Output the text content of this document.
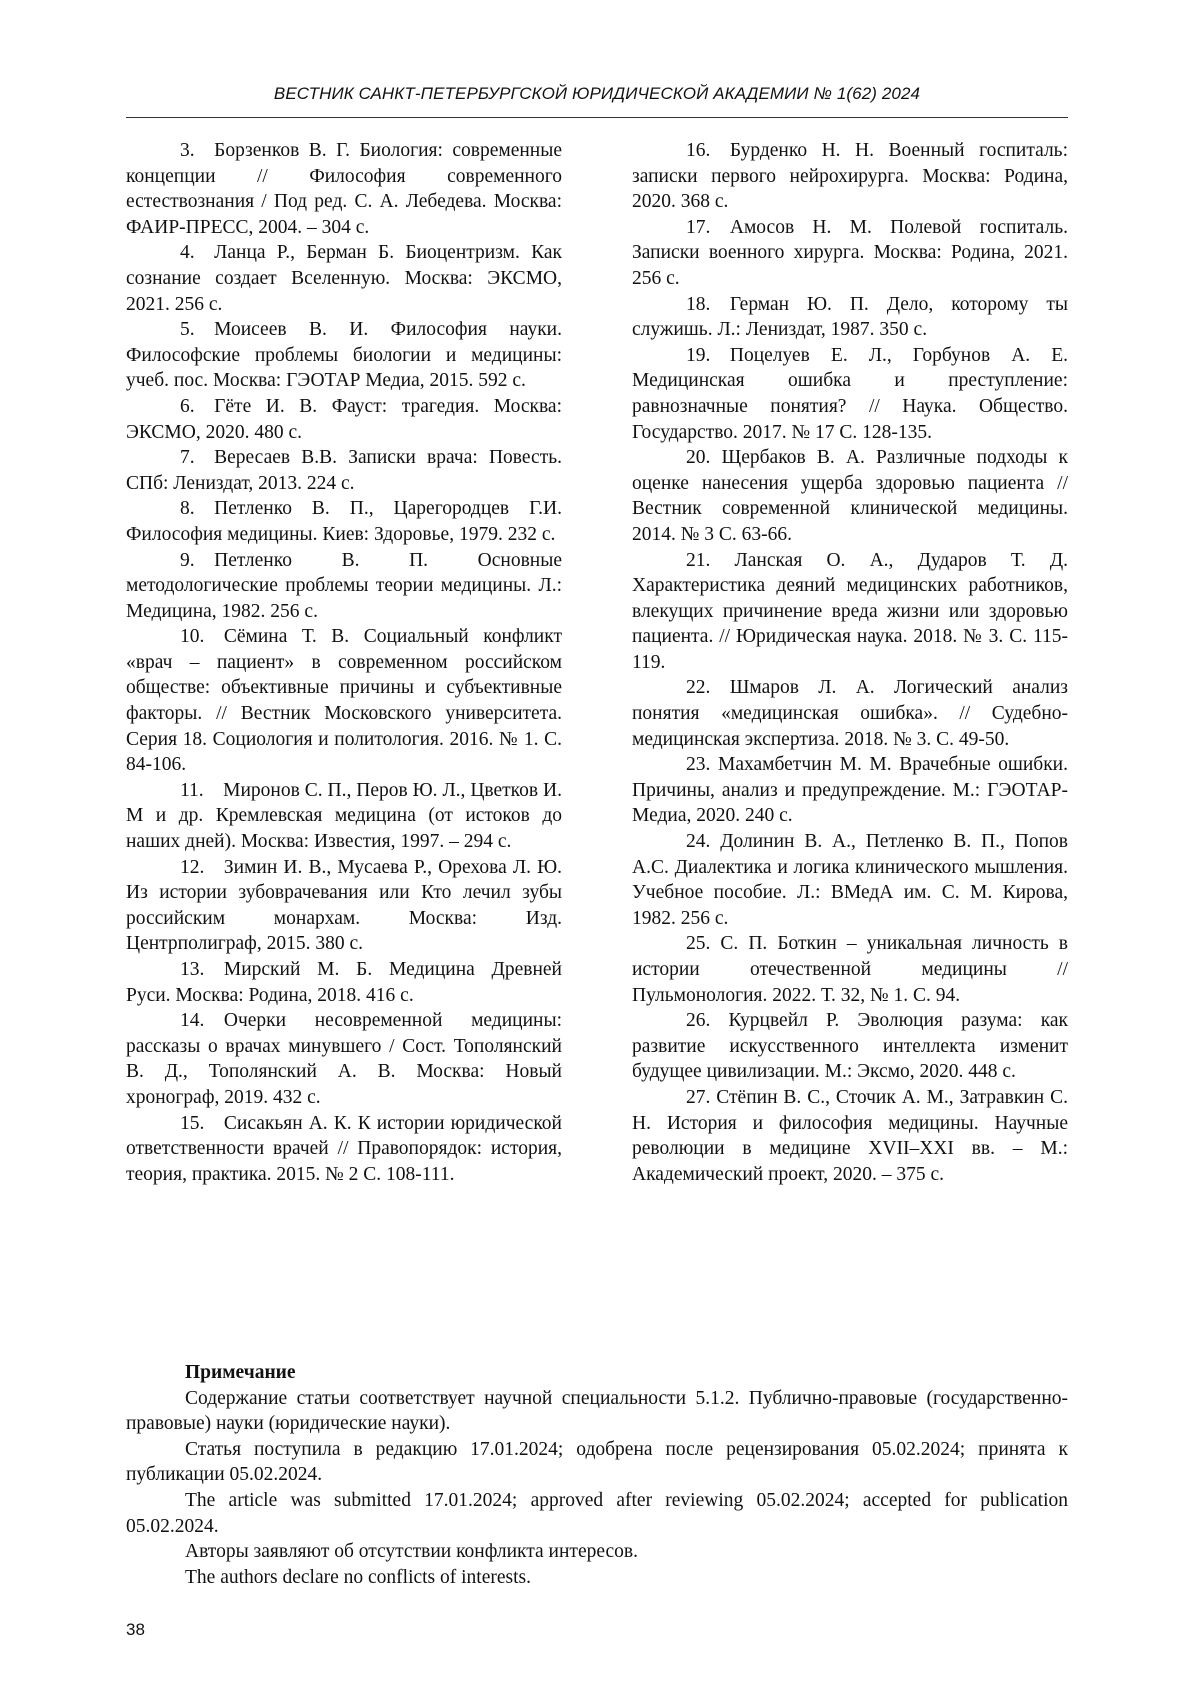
ВЕСТНИК САНКТ-ПЕТЕРБУРГСКОЙ ЮРИДИЧЕСКОЙ АКАДЕМИИ № 1(62) 2024

3. Борзенков В. Г. Биология: современные концепции // Философия современного естествознания / Под ред. С. А. Лебедева. Москва: ФАИР-ПРЕСС, 2004. – 304 с.

4. Ланца Р., Берман Б. Биоцентризм. Как сознание создает Вселенную. Москва: ЭКСМО, 2021. 256 с.

5. Моисеев В. И. Философия науки. Философские проблемы биологии и медицины: учеб. пос. Москва: ГЭОТАР Медиа, 2015. 592 с.

6. Гёте И. В. Фауст: трагедия. Москва: ЭКСМО, 2020. 480 с.

7. Вересаев В.В. Записки врача: Повесть. СПб: Лениздат, 2013. 224 с.

8. Петленко В. П., Царегородцев Г.И. Философия медицины. Киев: Здоровье, 1979. 232 с.

9. Петленко В. П. Основные методологические проблемы теории медицины. Л.: Медицина, 1982. 256 с.

10. Сёмина Т. В. Социальный конфликт «врач – пациент» в современном российском обществе: объективные причины и субъективные факторы. // Вестник Московского университета. Серия 18. Социология и политология. 2016. № 1. С. 84-106.

11. Миронов С. П., Перов Ю. Л., Цветков И. М и др. Кремлевская медицина (от истоков до наших дней). Москва: Известия, 1997. – 294 с.

12. Зимин И. В., Мусаева Р., Орехова Л. Ю. Из истории зубоврачевания или Кто лечил зубы российским монархам. Москва: Изд. Центрполиграф, 2015. 380 с.

13. Мирский М. Б. Медицина Древней Руси. Москва: Родина, 2018. 416 с.

14. Очерки несовременной медицины: рассказы о врачах минувшего / Сост. Тополянский В. Д., Тополянский А. В. Москва: Новый хронограф, 2019. 432 с.

15. Сисакьян А. К. К истории юридической ответственности врачей // Правопорядок: история, теория, практика. 2015. № 2 С. 108-111.

16. Бурденко Н. Н. Военный госпиталь: записки первого нейрохирурга. Москва: Родина, 2020. 368 с.

17. Амосов Н. М. Полевой госпиталь. Записки военного хирурга. Москва: Родина, 2021. 256 с.

18. Герман Ю. П. Дело, которому ты служишь. Л.: Лениздат, 1987. 350 с.

19. Поцелуев Е. Л., Горбунов А. Е. Медицинская ошибка и преступление: равнозначные понятия? // Наука. Общество. Государство. 2017. № 17 С. 128-135.

20. Щербаков В. А. Различные подходы к оценке нанесения ущерба здоровью пациента // Вестник современной клинической медицины. 2014. № 3 С. 63-66.

21. Ланская О. А., Дударов Т. Д. Характеристика деяний медицинских работников, влекущих причинение вреда жизни или здоровью пациента. // Юридическая наука. 2018. № 3. С. 115-119.

22. Шмаров Л. А. Логический анализ понятия «медицинская ошибка». // Судебно-медицинская экспертиза. 2018. № 3. С. 49-50.

23. Махамбетчин М. М. Врачебные ошибки. Причины, анализ и предупреждение. М.: ГЭОТАР-Медиа, 2020. 240 с.

24. Долинин В. А., Петленко В. П., Попов А.С. Диалектика и логика клинического мышления. Учебное пособие. Л.: ВМедА им. С. М. Кирова, 1982. 256 с.

25. С. П. Боткин – уникальная личность в истории отечественной медицины // Пульмонология. 2022. Т. 32, № 1. С. 94.

26. Курцвейл Р. Эволюция разума: как развитие искусственного интеллекта изменит будущее цивилизации. М.: Эксмо, 2020. 448 с.

27. Стёпин В. С., Сточик А. М., Затравкин С. Н. История и философия медицины. Научные революции в медицине XVII–XXI вв. – М.: Академический проект, 2020. – 375 с.

Примечание

Содержание статьи соответствует научной специальности 5.1.2. Публично-правовые (государственно-правовые) науки (юридические науки).

Статья поступила в редакцию 17.01.2024; одобрена после рецензирования 05.02.2024; принята к публикации 05.02.2024.

The article was submitted 17.01.2024; approved after reviewing 05.02.2024; accepted for publication 05.02.2024.

Авторы заявляют об отсутствии конфликта интересов.

The authors declare no conflicts of interests.

38
